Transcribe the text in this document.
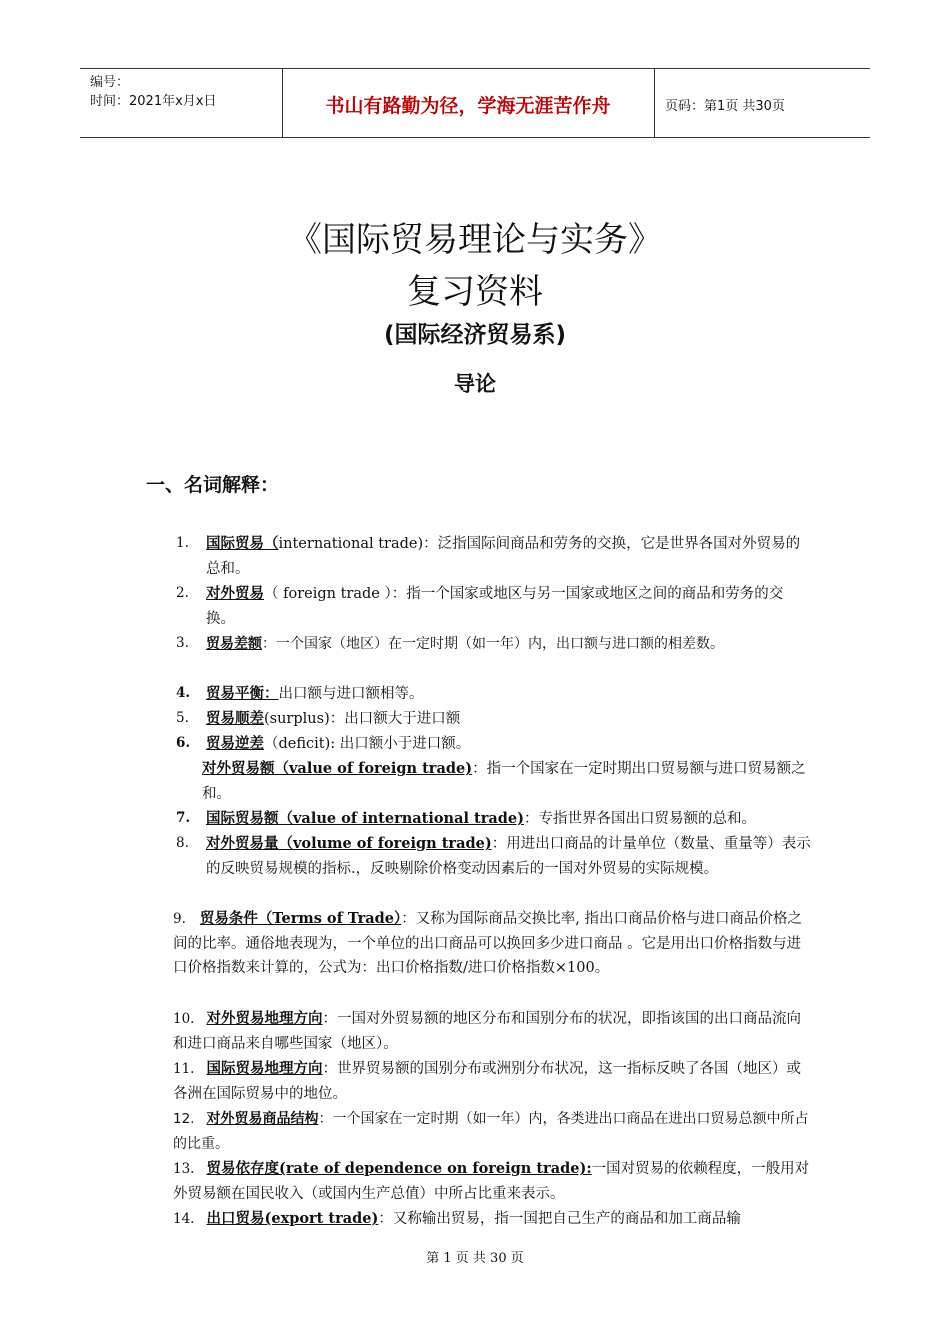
编号：
时间：2021年x月x日	书山有路勤为径，学海无涯苦作舟	页码：第1页 共30页
《国际贸易理论与实务》
复习资料
(国际经济贸易系)
导论
一、名词解释：
1. 国际贸易（international trade)：泛指国际间商品和劳务的交换，它是世界各国对外贸易的总和。
2. 对外贸易（ foreign trade ）：指一个国家或地区与另一国家或地区之间的商品和劳务的交换。
3. 贸易差额：一个国家（地区）在一定时期（如一年）内，出口额与进口额的相差数。
4. 贸易平衡：出口额与进口额相等。
5. 贸易顺差(surplus)：出口额大于进口额
6. 贸易逆差（deficit): 出口额小于进口额。
对外贸易额（value of foreign trade)：指一个国家在一定时期出口贸易额与进口贸易额之和。
7. 国际贸易额（value of international trade)：专指世界各国出口贸易额的总和。
8. 对外贸易量（volume of foreign trade)：用进出口商品的计量单位（数量、重量等）表示的反映贸易规模的指标.，反映剔除价格变动因素后的一国对外贸易的实际规模。
9. 贸易条件（Terms of Trade）：又称为国际商品交换比率, 指出口商品价格与进口商品价格之间的比率。通俗地表现为，一个单位的出口商品可以换回多少进口商品 。它是用出口价格指数与进口价格指数来计算的，公式为：出口价格指数/进口价格指数×100。
10. 对外贸易地理方向：一国对外贸易额的地区分布和国别分布的状况，即指该国的出口商品流向和进口商品来自哪些国家（地区）。
11. 国际贸易地理方向：世界贸易额的国别分布或洲别分布状况，这一指标反映了各国（地区）或各洲在国际贸易中的地位。
12. 对外贸易商品结构：一个国家在一定时期（如一年）内，各类进出口商品在进出口贸易总额中所占的比重。
13. 贸易依存度(rate of dependence on foreign trade):一国对贸易的依赖程度，一般用对外贸易额在国民收入（或国内生产总值）中所占比重来表示。
14. 出口贸易(export trade)：又称输出贸易，指一国把自己生产的商品和加工商品输
第 1 页 共 30 页
